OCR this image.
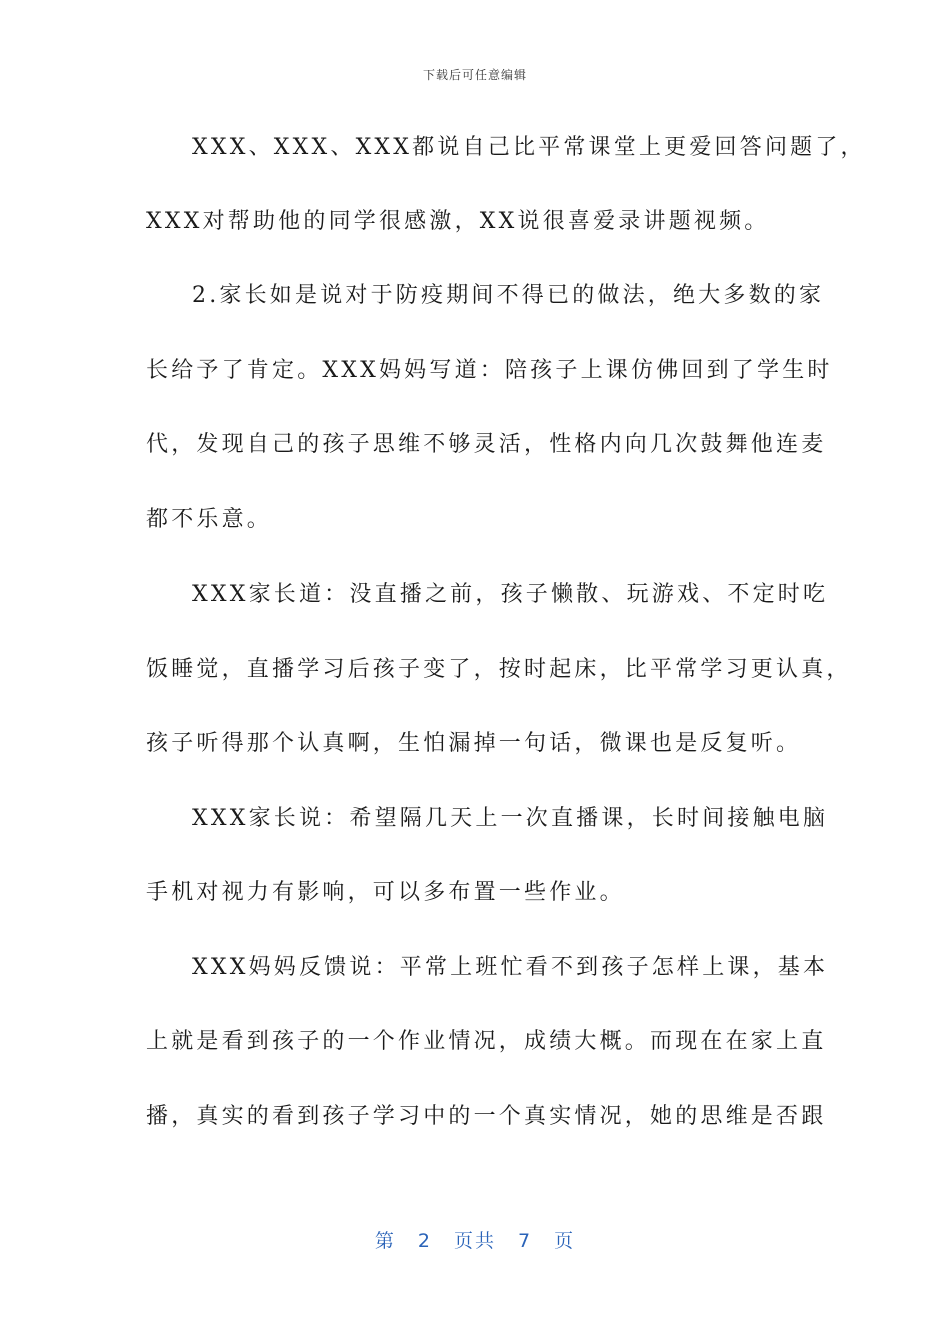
下载后可任意编辑
XXX、XXX、XXX都说自己比平常课堂上更爱回答问题了，
XXX对帮助他的同学很感激，XX说很喜爱录讲题视频。
2.家长如是说对于防疫期间不得已的做法，绝大多数的家
长给予了肯定。XXX妈妈写道：陪孩子上课仿佛回到了学生时
代，发现自己的孩子思维不够灵活，性格内向几次鼓舞他连麦
都不乐意。
XXX家长道：没直播之前，孩子懒散、玩游戏、不定时吃
饭睡觉，直播学习后孩子变了，按时起床，比平常学习更认真，
孩子听得那个认真啊，生怕漏掉一句话，微课也是反复听。
XXX家长说：希望隔几天上一次直播课，长时间接触电脑
手机对视力有影响，可以多布置一些作业。
XXX妈妈反馈说：平常上班忙看不到孩子怎样上课，基本
上就是看到孩子的一个作业情况，成绩大概。而现在在家上直
播，真实的看到孩子学习中的一个真实情况，她的思维是否跟
第 2 页共 7 页
